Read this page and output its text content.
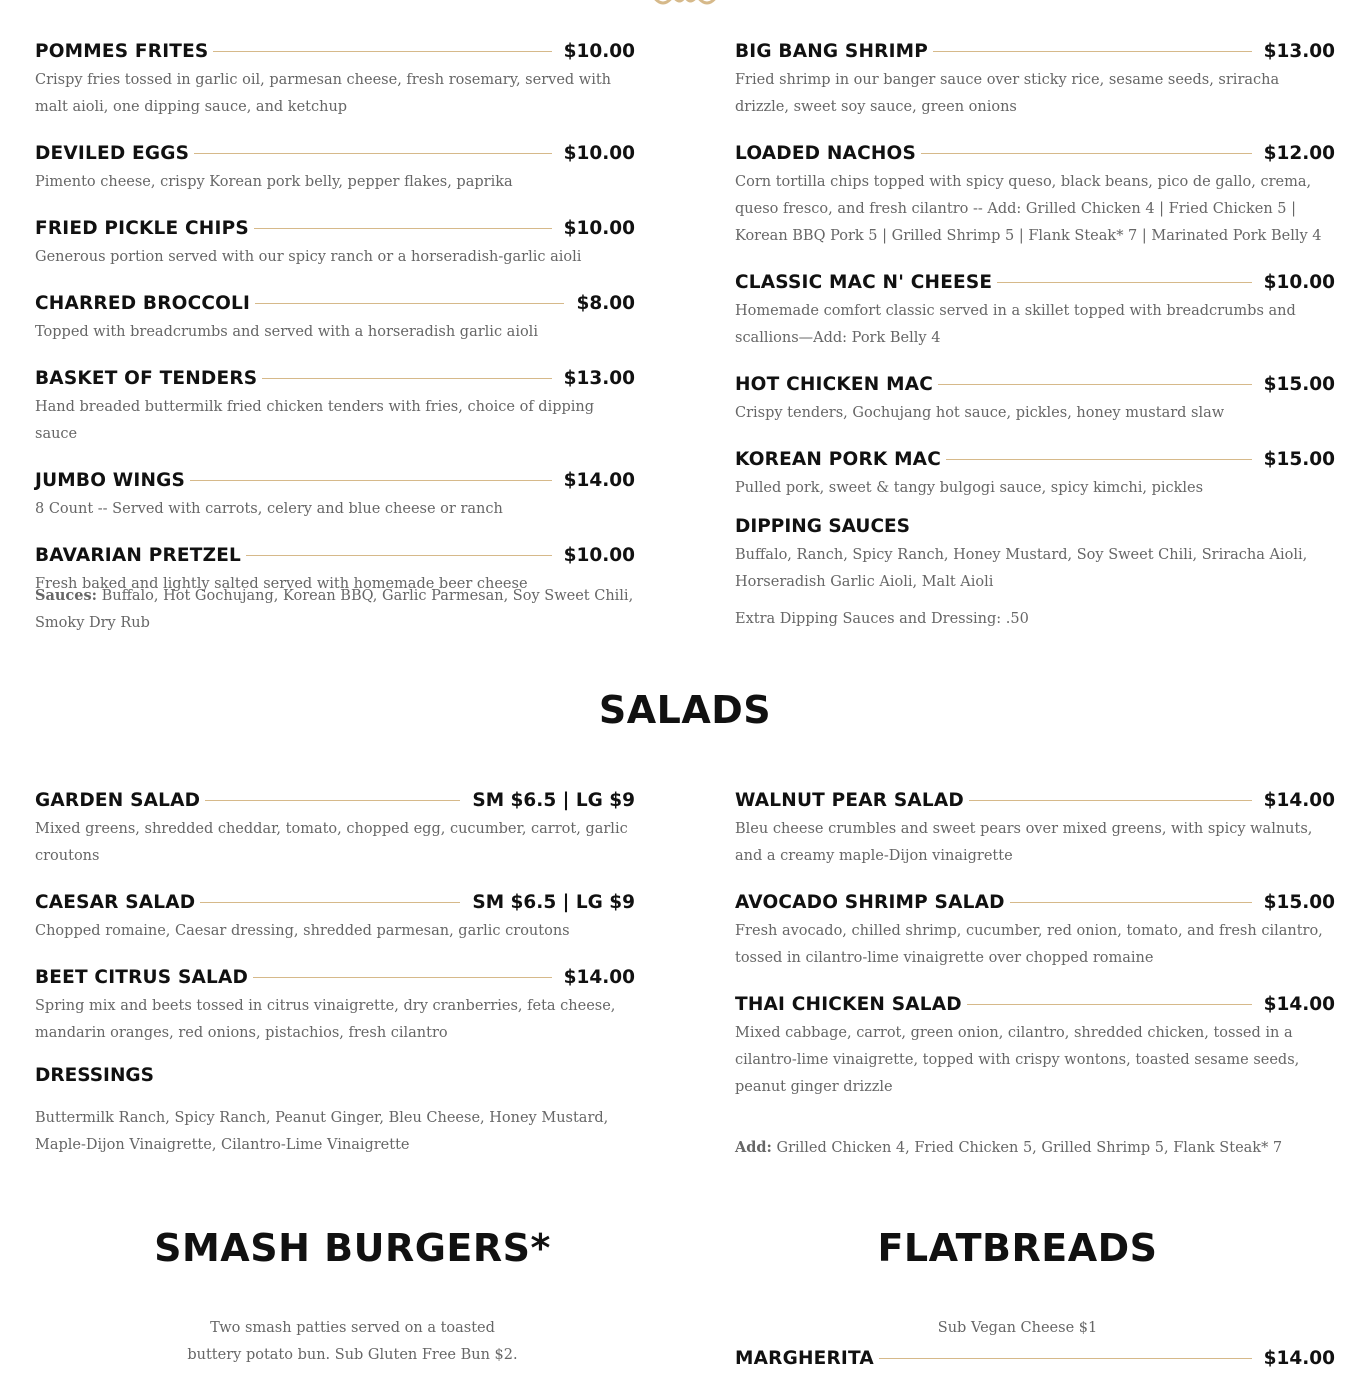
POMMES FRITES	$10.00
Crispy fries tossed in garlic oil, parmesan cheese, fresh rosemary, served with malt aioli, one dipping sauce, and ketchup
DEVILED EGGS	$10.00
Pimento cheese, crispy Korean pork belly, pepper flakes, paprika
FRIED PICKLE CHIPS	$10.00
Generous portion served with our spicy ranch or a horseradish-garlic aioli
CHARRED BROCCOLI	$8.00
Topped with breadcrumbs and served with a horseradish garlic aioli
BASKET OF TENDERS	$13.00
Hand breaded buttermilk fried chicken tenders with fries, choice of dipping sauce
JUMBO WINGS	$14.00
8 Count -- Served with carrots, celery and blue cheese or ranch
BAVARIAN PRETZEL	$10.00
Fresh baked and lightly salted served with homemade beer cheese
Sauces: Buffalo, Hot Gochujang, Korean BBQ, Garlic Parmesan, Soy Sweet Chili, Smoky Dry Rub
BIG BANG SHRIMP	$13.00
Fried shrimp in our banger sauce over sticky rice, sesame seeds, sriracha drizzle, sweet soy sauce, green onions
LOADED NACHOS	$12.00
Corn tortilla chips topped with spicy queso, black beans, pico de gallo, crema, queso fresco, and fresh cilantro -- Add: Grilled Chicken 4 | Fried Chicken 5 | Korean BBQ Pork 5 | Grilled Shrimp 5 | Flank Steak* 7 | Marinated Pork Belly 4
CLASSIC MAC N' CHEESE	$10.00
Homemade comfort classic served in a skillet topped with breadcrumbs and scallions—Add: Pork Belly 4
HOT CHICKEN MAC	$15.00
Crispy tenders, Gochujang hot sauce, pickles, honey mustard slaw
KOREAN PORK MAC	$15.00
Pulled pork, sweet & tangy bulgogi sauce, spicy kimchi, pickles
DIPPING SAUCES
Buffalo, Ranch, Spicy Ranch, Honey Mustard, Soy Sweet Chili, Sriracha Aioli, Horseradish Garlic Aioli, Malt Aioli
Extra Dipping Sauces and Dressing: .50
SALADS
GARDEN SALAD	SM $6.5 | LG $9
Mixed greens, shredded cheddar, tomato, chopped egg, cucumber, carrot, garlic croutons
CAESAR SALAD	SM $6.5 | LG $9
Chopped romaine, Caesar dressing, shredded parmesan, garlic croutons
BEET CITRUS SALAD	$14.00
Spring mix and beets tossed in citrus vinaigrette, dry cranberries, feta cheese, mandarin oranges, red onions, pistachios, fresh cilantro
DRESSINGS
Buttermilk Ranch, Spicy Ranch, Peanut Ginger, Bleu Cheese, Honey Mustard, Maple-Dijon Vinaigrette, Cilantro-Lime Vinaigrette
WALNUT PEAR SALAD	$14.00
Bleu cheese crumbles and sweet pears over mixed greens, with spicy walnuts, and a creamy maple-Dijon vinaigrette
AVOCADO SHRIMP SALAD	$15.00
Fresh avocado, chilled shrimp, cucumber, red onion, tomato, and fresh cilantro, tossed in cilantro-lime vinaigrette over chopped romaine
THAI CHICKEN SALAD	$14.00
Mixed cabbage, carrot, green onion, cilantro, shredded chicken, tossed in a cilantro-lime vinaigrette, topped with crispy wontons, toasted sesame seeds, peanut ginger drizzle
Add: Grilled Chicken 4, Fried Chicken 5, Grilled Shrimp 5, Flank Steak* 7
SMASH BURGERS*
Two smash patties served on a toasted
buttery potato bun. Sub Gluten Free Bun $2.
FLATBREADS
Sub Vegan Cheese $1
MARGHERITA	$14.00
